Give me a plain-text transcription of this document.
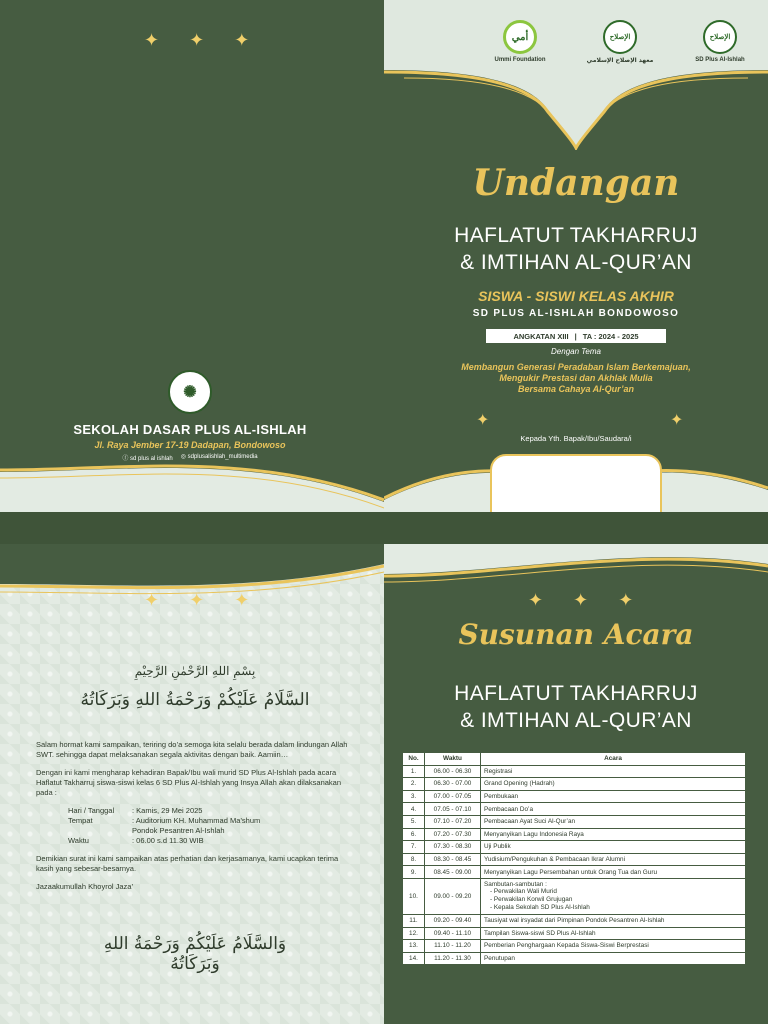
✦ ✦ ✦
✺
SEKOLAH DASAR PLUS AL-ISHLAH
Jl. Raya Jember 17-19 Dadapan, Bondowoso
ⓕ sd plus al ishlah ◎ sdplusalishlah_multimedia
أمي
Ummi Foundation
الإصلاح
معهد الإصلاح الإسلامي
الإصلاح
SD Plus Al-Ishlah
Undangan
HAFLATUT TAKHARRUJ
& IMTIHAN AL-QUR’AN
SISWA - SISWI KELAS AKHIR
SD PLUS AL-ISHLAH BONDOWOSO
ANGKATAN XIII | TA : 2024 - 2025
Dengan Tema
Membangun Generasi Peradaban Islam Berkemajuan,
Mengukir Prestasi dan Akhlak Mulia
Bersama Cahaya Al-Qur’an
✦	✦
Kepada Yth. Bapak/Ibu/Saudara/i
✦ ✦ ✦
بِسْمِ اللهِ الرَّحْمٰنِ الرَّحِيْمِ
السَّلَامُ عَلَيْكُمْ وَرَحْمَةُ اللهِ وَبَرَكَاتُهُ

Salam hormat kami sampaikan, teriring do’a semoga kita selalu berada dalam lindungan Allah SWT. sehingga dapat melaksanakan segala aktivitas dengan baik. Aamiin…

Dengan ini kami mengharap kehadiran Bapak/Ibu wali murid SD Plus Al-Ishlah pada acara Haflatut Takharruj siswa-siswi kelas 6 SD Plus Al-Ishlah yang Insya Allah akan dilaksanakan pada :

Hari / Tanggal	: Kamis, 29 Mei 2025
Tempat	: Auditorium KH. Muhammad Ma’shum
Pondok Pesantren Al-Ishlah
Waktu	: 06.00 s.d 11.30 WIB

Demikian surat ini kami sampaikan atas perhatian dan kerjasamanya, kami ucapkan terima kasih yang sebesar-besarnya.

Jazaakumullah Khoyrol Jaza’

وَالسَّلَامُ عَلَيْكُمْ وَرَحْمَةُ اللهِ وَبَرَكَاتُهُ
✦ ✦ ✦
Susunan Acara
HAFLATUT TAKHARRUJ
& IMTIHAN AL-QUR’AN
No.	Waktu	Acara
1.	06.00 - 06.30	Registrasi

2.	06.30 - 07.00	Grand Opening (Hadrah)

3.	07.00 - 07.05	Pembukaan

4.	07.05 - 07.10	Pembacaan Do’a

5.	07.10 - 07.20	Pembacaan Ayat Suci Al-Qur’an

6.	07.20 - 07.30	Menyanyikan Lagu Indonesia Raya

7.	07.30 - 08.30	Uji Publik

8.	08.30 - 08.45	Yudisium/Pengukuhan & Pembacaan Ikrar Alumni

9.	08.45 - 09.00	Menyanyikan Lagu Persembahan untuk Orang Tua dan Guru

10.	09.00 - 09.20	Sambutan-sambutan :
- Perwakilan Wali Murid
- Perwakilan Korwil Grujugan
- Kepala Sekolah SD Plus Al-Ishlah

11.	09.20 - 09.40	Tausiyat wal irsyadat dari Pimpinan Pondok Pesantren Al-Ishlah

12.	09.40 - 11.10	Tampilan Siswa-siswi SD Plus Al-Ishlah

13.	11.10 - 11.20	Pemberian Penghargaan Kepada Siswa-Siswi Berprestasi

14.	11.20 - 11.30	Penutupan
